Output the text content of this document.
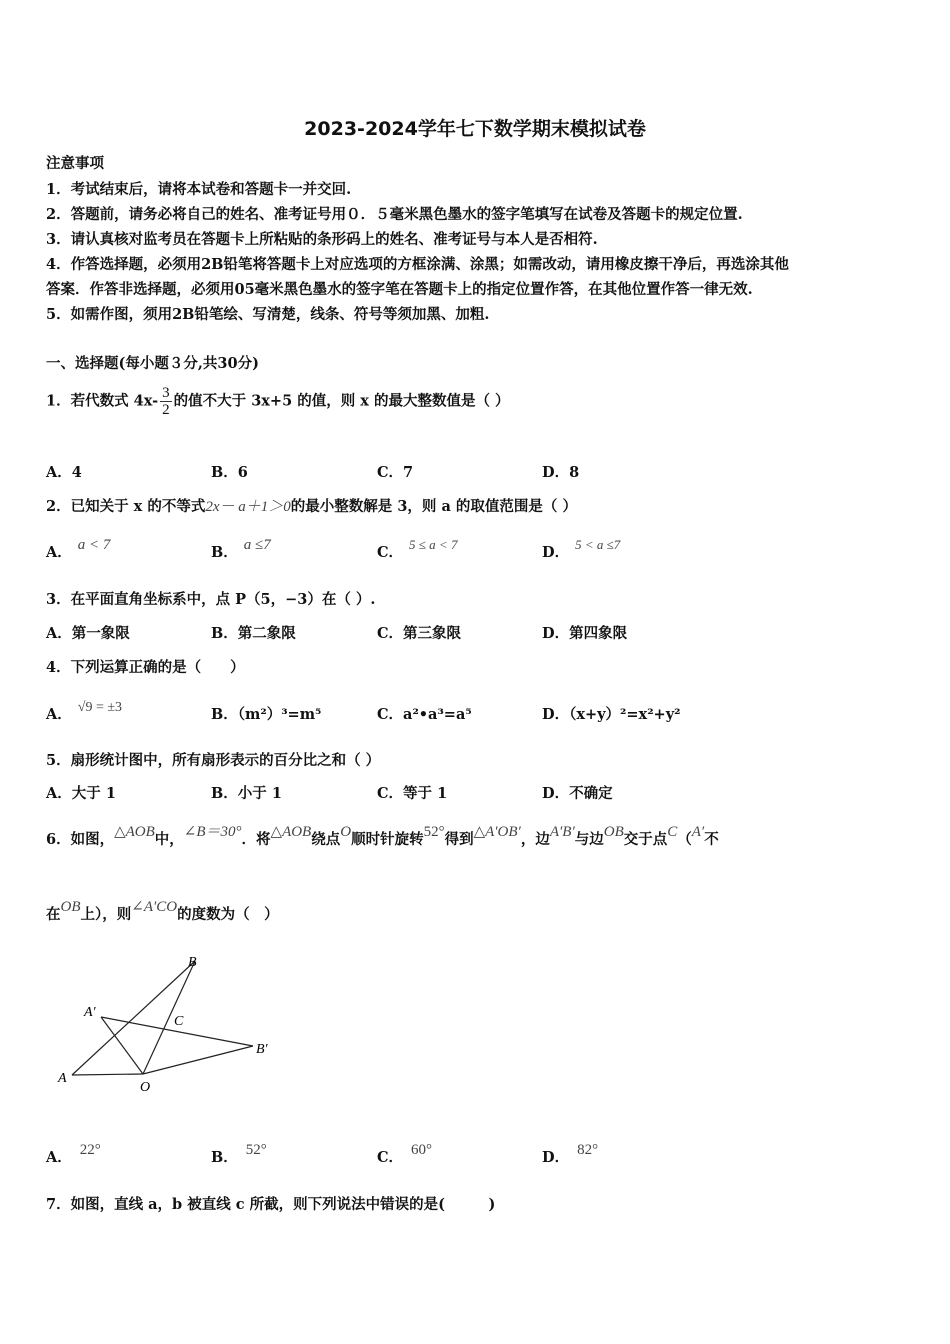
2023-2024学年七下数学期末模拟试卷
注意事项
1．考试结束后，请将本试卷和答题卡一并交回.
2．答题前，请务必将自己的姓名、准考证号用０．５毫米黑色墨水的签字笔填写在试卷及答题卡的规定位置.
3．请认真核对监考员在答题卡上所粘贴的条形码上的姓名、准考证号与本人是否相符.
4．作答选择题，必须用2B铅笔将答题卡上对应选项的方框涂满、涂黑；如需改动，请用橡皮擦干净后，再选涂其他
答案．作答非选择题，必须用05毫米黑色墨水的签字笔在答题卡上的指定位置作答，在其他位置作答一律无效.
5．如需作图，须用2B铅笔绘、写清楚，线条、符号等须加黑、加粗.
一、选择题(每小题３分,共30分)
1．若代数式 $4x- \frac{3}{2}$ 的值不大于 3x+5 的值，则 x 的最大整数值是（ ）
A．4	B．6	C．7	D．8
2．已知关于 x 的不等式2x－ a＋1＞0的最小整数解是 3，则 a 的取值范围是（ ）
A． a < 7	B． a ≤7	C． 5 ≤ a < 7	D． 5 < a ≤7
3．在平面直角坐标系中，点 P（5，−3）在（ ）.
A．第一象限	B．第二象限	C．第三象限	D．第四象限
4．下列运算正确的是（　　）
A． √9 = ±3	B．（m²）³=m⁵	C．a²•a³=a⁵	D．（x+y）²=x²+y²
5．扇形统计图中，所有扇形表示的百分比之和（ ）
A．大于 1	B．小于 1	C．等于 1	D．不确定
6．如图，△AOB中，∠B＝30°．将△AOB绕点O顺时针旋转52°得到△A′OB′，边A′B′与边OB交于点C（A′不
在OB上），则∠A′CO的度数为（　）
A
O
B
A′
B′
C
A． 22°	B． 52°	C． 60°	D． 82°
7．如图，直线 a，b 被直线 c 所截，则下列说法中错误的是(　　　)
